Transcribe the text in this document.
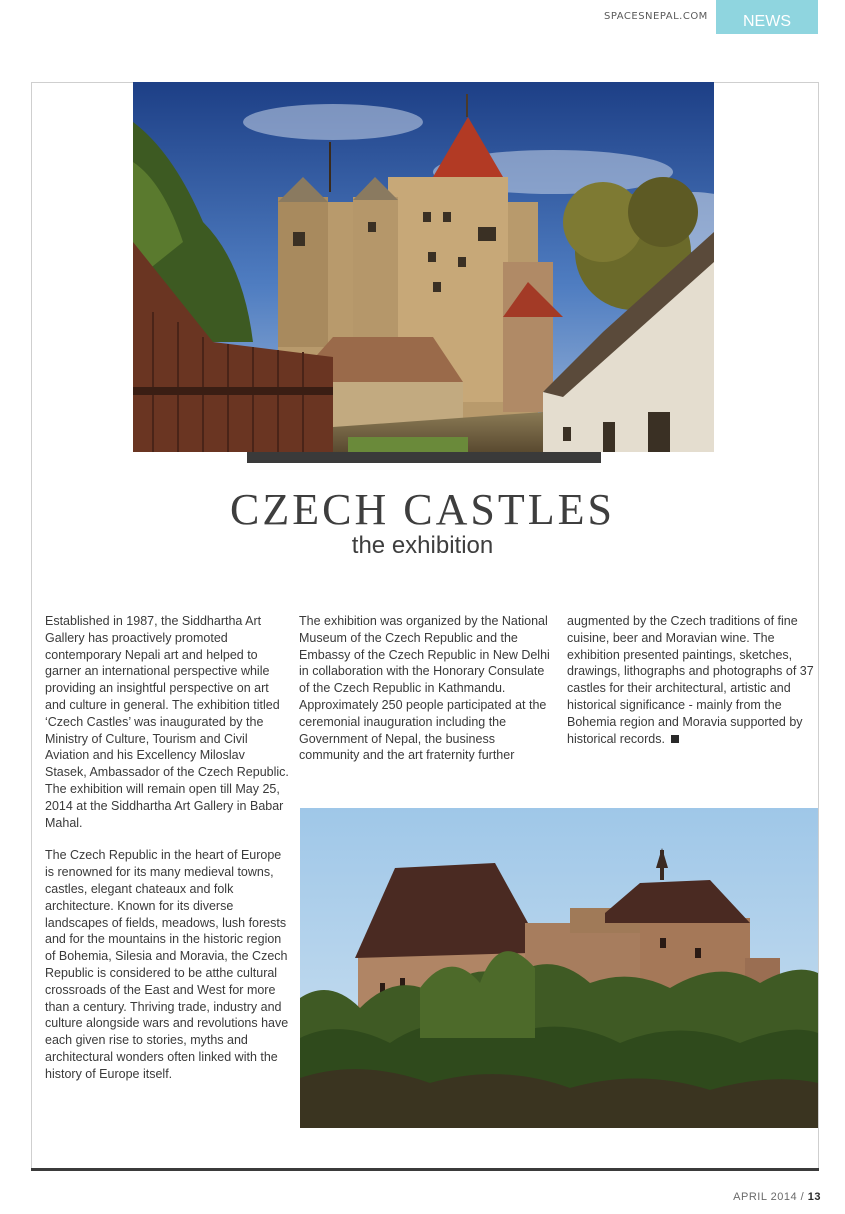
SPACESNEPAL.COM NEWS
CZECH CASTLES
the exhibition

Established in 1987, the Siddhartha Art Gallery has proactively promoted contemporary Nepali art and helped to garner an international perspective while providing an insightful perspective on art and culture in general. The exhibition titled ‘Czech Castles’ was inaugurated by the Ministry of Culture, Tourism and Civil Aviation and his Excellency Miloslav Stasek, Ambassador of the Czech Republic. The exhibition will remain open till May 25, 2014 at the Siddhartha Art Gallery in Babar Mahal.

The Czech Republic in the heart of Europe is renowned for its many medieval towns, castles, elegant chateaux and folk architecture. Known for its diverse landscapes of fields, meadows, lush forests and for the mountains in the historic region of Bohemia, Silesia and Moravia, the Czech Republic is considered to be atthe cultural crossroads of the East and West for more than a century. Thriving trade, industry and culture alongside wars and revolutions have each given rise to stories, myths and architectural wonders often linked with the history of Europe itself.

The exhibition was organized by the National Museum of the Czech Republic and the Embassy of the Czech Republic in New Delhi in collaboration with the Honorary Consulate of the Czech Republic in Kathmandu. Approximately 250 people participated at the ceremonial inauguration including the Government of Nepal, the business community and the art fraternity further

augmented by the Czech traditions of fine cuisine, beer and Moravian wine. The exhibition presented paintings, sketches, drawings, lithographs and photographs of 37 castles for their architectural, artistic and historical significance - mainly from the Bohemia region and Moravia supported by historical records.

APRIL 2014 / 13
